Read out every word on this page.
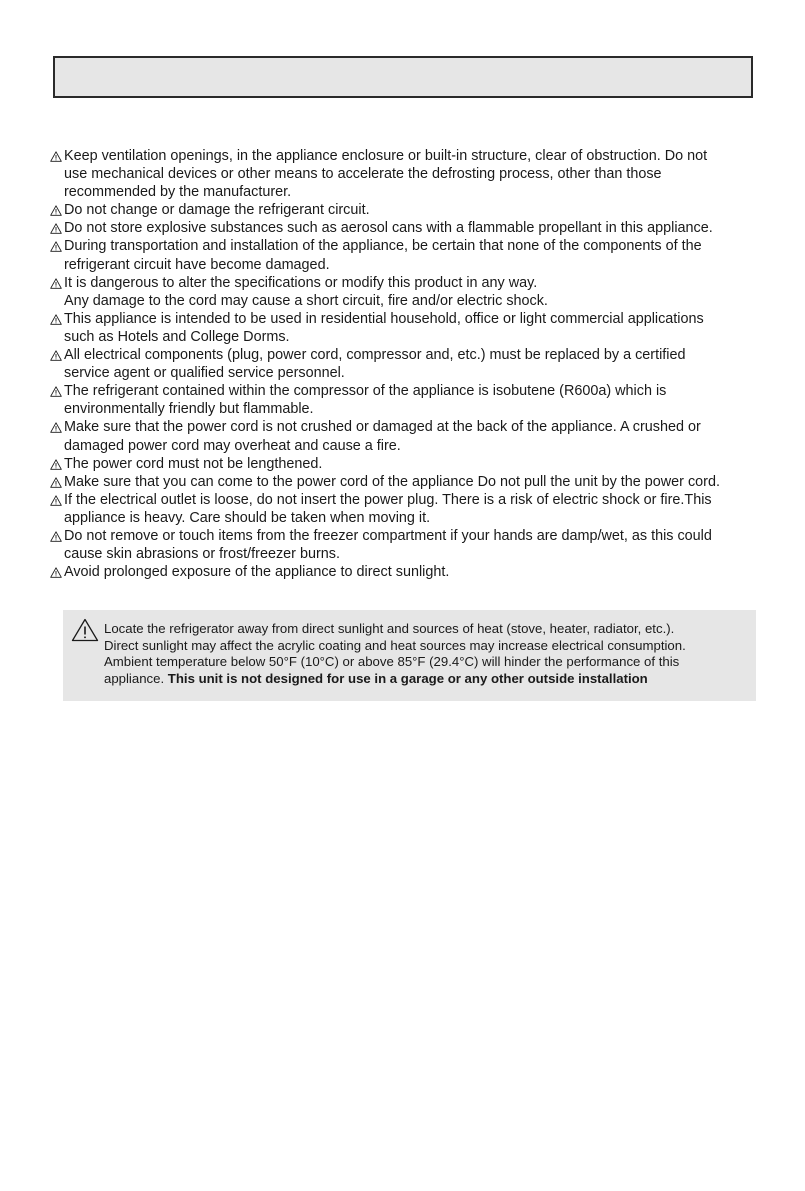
Keep ventilation openings, in the appliance enclosure or built-in structure, clear of obstruction. Do not
use mechanical devices or other means to accelerate the defrosting process, other than those
recommended by the manufacturer.
Do not change or damage the refrigerant circuit.
Do not store explosive substances such as aerosol cans with a flammable propellant in this appliance.
During transportation and installation of the appliance, be certain that none of the components of the
refrigerant circuit have become damaged.
It is dangerous to alter the specifications or modify this product in any way.
Any damage to the cord may cause a short circuit, fire and/or electric shock.
This appliance is intended to be used in residential household, office or light commercial applications
such as Hotels and College Dorms.
All electrical components (plug, power cord, compressor and, etc.) must be replaced by a certified
service agent or qualified service personnel.
The refrigerant contained within the compressor of the appliance is isobutene (R600a) which is
environmentally friendly but flammable.
Make sure that the power cord is not crushed or damaged at the back of the appliance. A crushed or
damaged power cord may overheat and cause a fire.
The power cord must not be lengthened.
Make sure that you can come to the power cord of the appliance Do not pull the unit by the power cord.
If the electrical outlet is loose, do not insert the power plug. There is a risk of electric shock or fire.This
appliance is heavy. Care should be taken when moving it.
Do not remove or touch items from the freezer compartment if your hands are damp/wet, as this could
cause skin abrasions or frost/freezer burns.
Avoid prolonged exposure of the appliance to direct sunlight.
Locate the refrigerator away from direct sunlight and sources of heat (stove, heater, radiator, etc.).
Direct sunlight may affect the acrylic coating and heat sources may increase electrical consumption.
Ambient temperature below 50°F (10°C) or above 85°F (29.4°C) will hinder the performance of this
appliance. This unit is not designed for use in a garage or any other outside installation
